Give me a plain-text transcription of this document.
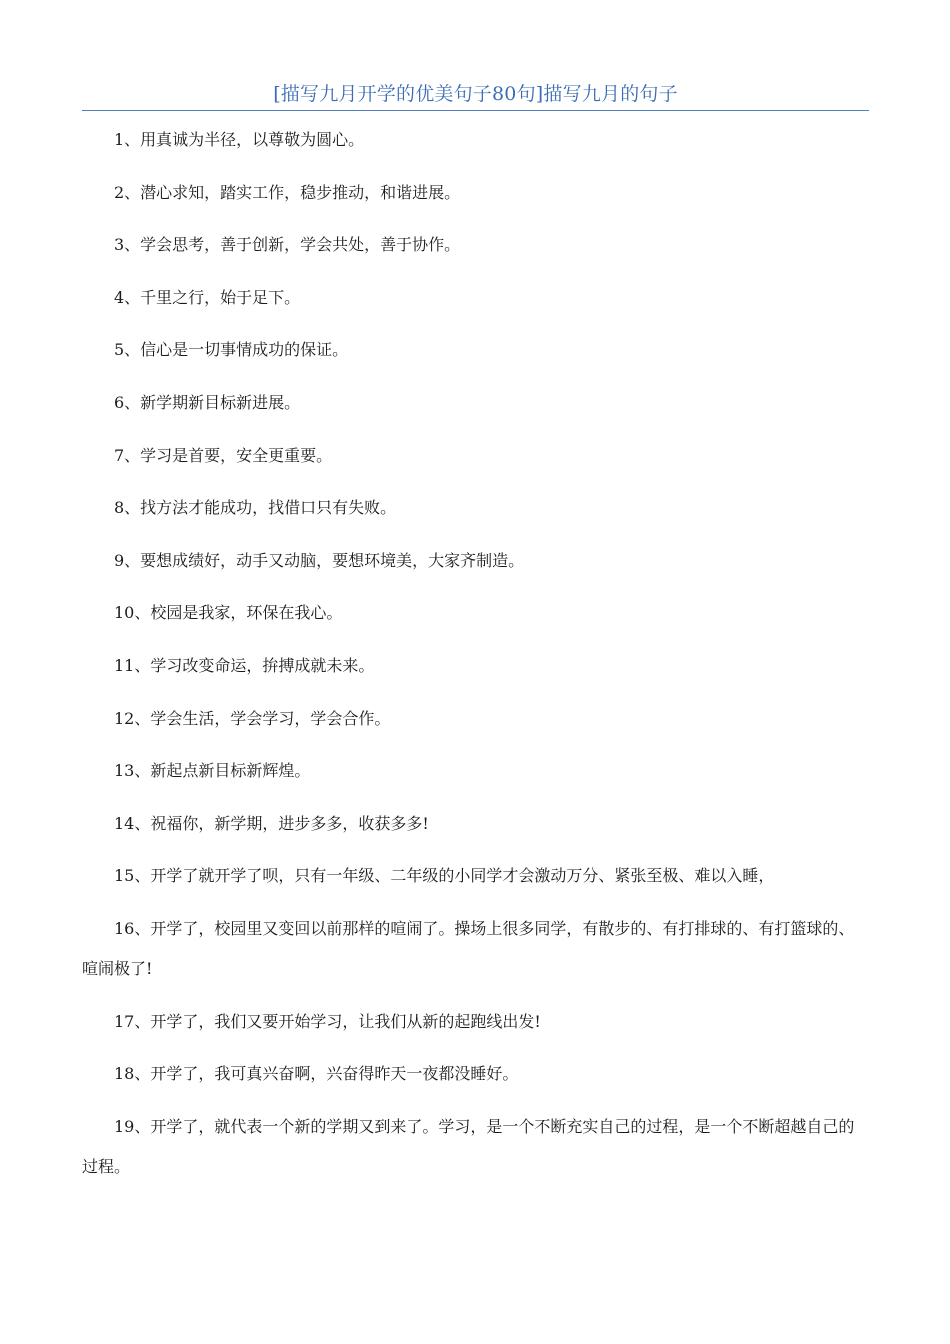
[描写九月开学的优美句子80句]描写九月的句子

1、用真诚为半径，以尊敬为圆心。

2、潜心求知，踏实工作，稳步推动，和谐进展。

3、学会思考，善于创新，学会共处，善于协作。

4、千里之行，始于足下。

5、信心是一切事情成功的保证。

6、新学期新目标新进展。

7、学习是首要，安全更重要。

8、找方法才能成功，找借口只有失败。

9、要想成绩好，动手又动脑，要想环境美，大家齐制造。

10、校园是我家，环保在我心。

11、学习改变命运，拚搏成就未来。

12、学会生活，学会学习，学会合作。

13、新起点新目标新辉煌。

14、祝福你，新学期，进步多多，收获多多!

15、开学了就开学了呗，只有一年级、二年级的小同学才会激动万分、紧张至极、难以入睡，

16、开学了，校园里又变回以前那样的喧闹了。操场上很多同学，有散步的、有打排球的、有打篮球的、喧闹极了!

17、开学了，我们又要开始学习，让我们从新的起跑线出发!

18、开学了，我可真兴奋啊，兴奋得昨天一夜都没睡好。

19、开学了，就代表一个新的学期又到来了。学习，是一个不断充实自己的过程，是一个不断超越自己的过程。
